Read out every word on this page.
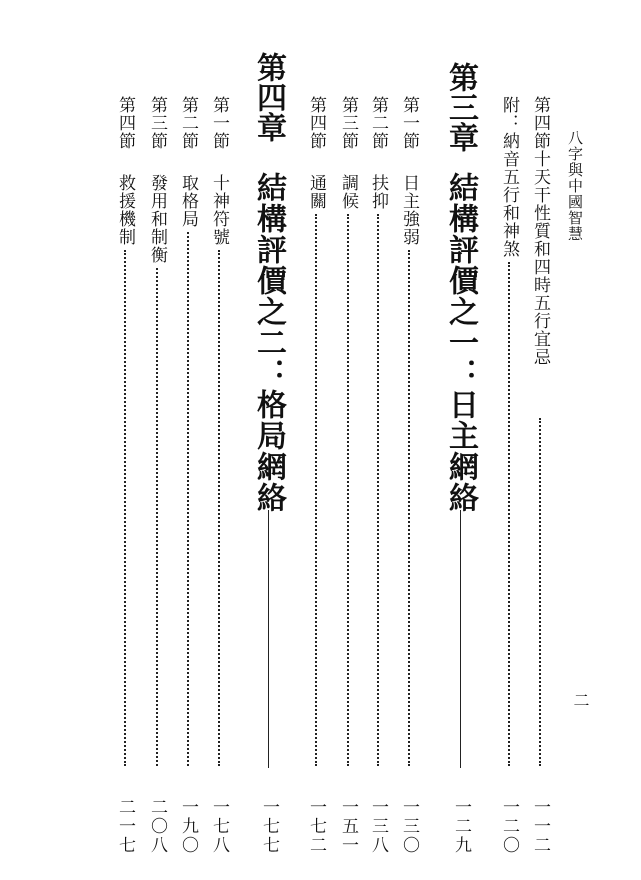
八字與中國智慧
二
第四節
十天干性質和四時五行宜忌
一一二
附：
納音五行和神煞
一二〇
第三章
結構評價之一：日主網絡
一二九
第一節
日主強弱
一三〇
第二節
扶抑
一三八
第三節
調候
一五一
第四節
通關
一七二
第四章
結構評價之二：格局網絡
一七七
第一節
十神符號
一七八
第二節
取格局
一九〇
第三節
發用和制衡
二〇八
第四節
救援機制
二一七
